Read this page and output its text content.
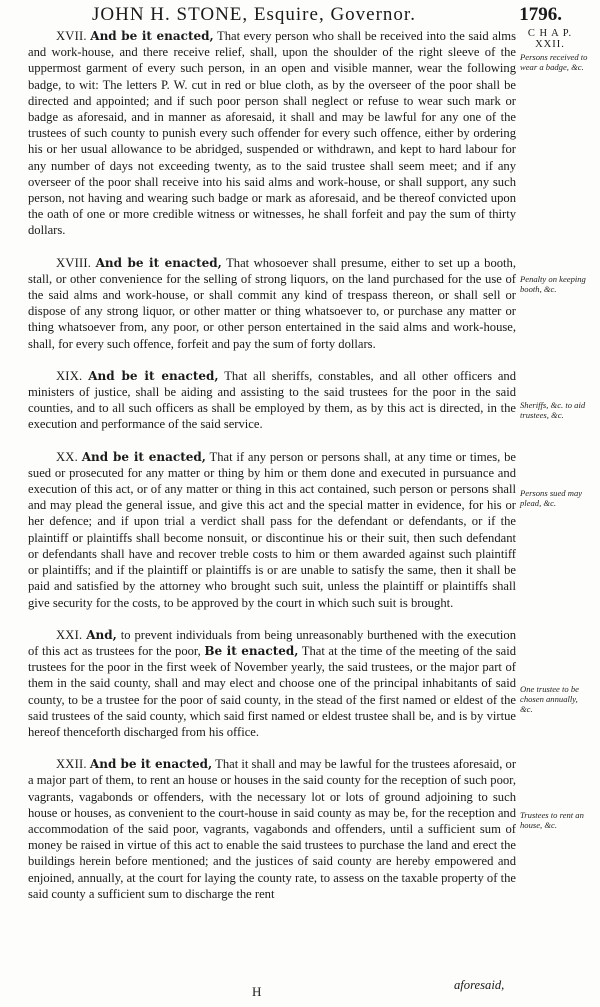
JOHN H. STONE, Esquire, Governor.	1796.

XVII. And be it enacted, That every person who shall be received into the said alms and work-house, and there receive relief, shall, upon the shoulder of the right sleeve of the uppermost garment of every such person, in an open and visible manner, wear the following badge, to wit: The letters P. W. cut in red or blue cloth, as by the overseer of the poor shall be directed and appointed; and if such poor person shall neglect or refuse to wear such mark or badge as aforesaid, and in manner as aforesaid, it shall and may be lawful for any one of the trustees of such county to punish every such offender for every such offence, either by ordering his or her usual allowance to be abridged, suspended or withdrawn, and kept to hard labour for any number of days not exceeding twenty, as to the said trustee shall seem meet; and if any overseer of the poor shall receive into his said alms and work-house, or shall support, any such person, not having and wearing such badge or mark as aforesaid, and be thereof convicted upon the oath of one or more credible witness or witnesses, he shall forfeit and pay the sum of thirty dollars.

XVIII. And be it enacted, That whosoever shall presume, either to set up a booth, stall, or other convenience for the selling of strong liquors, on the land purchased for the use of the said alms and work-house, or shall commit any kind of trespass thereon, or shall sell or dispose of any strong liquor, or other matter or thing whatsoever to, or purchase any matter or thing whatsoever from, any poor, or other person entertained in the said alms and work-house, shall, for every such offence, forfeit and pay the sum of forty dollars.

XIX. And be it enacted, That all sheriffs, constables, and all other officers and ministers of justice, shall be aiding and assisting to the said trustees for the poor in the said counties, and to all such officers as shall be employed by them, as by this act is directed, in the execution and performance of the said service.

XX. And be it enacted, That if any person or persons shall, at any time or times, be sued or prosecuted for any matter or thing by him or them done and executed in pursuance and execution of this act, or of any matter or thing in this act contained, such person or persons shall and may plead the general issue, and give this act and the special matter in evidence, for his or her defence; and if upon trial a verdict shall pass for the defendant or defendants, or if the plaintiff or plaintiffs shall become nonsuit, or discontinue his or their suit, then such defendant or defendants shall have and recover treble costs to him or them awarded against such plaintiff or plaintiffs; and if the plaintiff or plaintiffs is or are unable to satisfy the same, then it shall be paid and satisfied by the attorney who brought such suit, unless the plaintiff or plaintiffs shall give security for the costs, to be approved by the court in which such suit is brought.

XXI. And, to prevent individuals from being unreasonably burthened with the execution of this act as trustees for the poor, Be it enacted, That at the time of the meeting of the said trustees for the poor in the first week of November yearly, the said trustees, or the major part of them in the said county, shall and may elect and choose one of the principal inhabitants of said county, to be a trustee for the poor of said county, in the stead of the first named or eldest of the said trustees of the said county, which said first named or eldest trustee shall be, and is by virtue hereof thenceforth discharged from his office.

XXII. And be it enacted, That it shall and may be lawful for the trustees aforesaid, or a major part of them, to rent an house or houses in the said county for the reception of such poor, vagrants, vagabonds or offenders, with the necessary lot or lots of ground adjoining to such house or houses, as convenient to the court-house in said county as may be, for the reception and accommodation of the said poor, vagrants, vagabonds and offenders, until a sufficient sum of money be raised in virtue of this act to enable the said trustees to purchase the land and erect the buildings herein before mentioned; and the justices of said county are hereby empowered and enjoined, annually, at the court for laying the county rate, to assess on the taxable property of the said county a sufficient sum to discharge the rent

C H A P.
XXII.
Persons received to wear a badge, &c.
Penalty on keeping booth, &c.
Sheriffs, &c. to aid trustees, &c.
Persons sued may plead, &c.
One trustee to be chosen annually, &c.
Trustees to rent an house, &c.
H	aforesaid,
